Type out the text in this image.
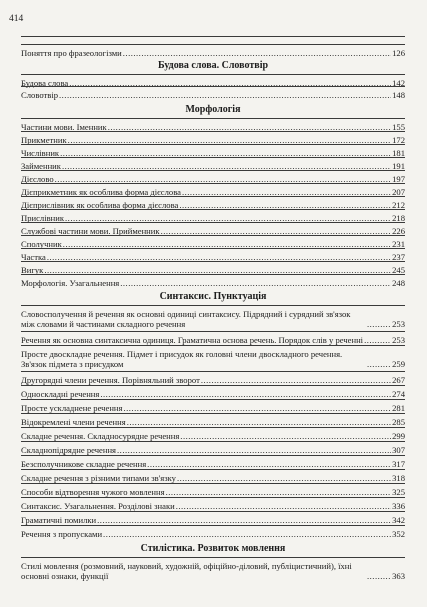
414
Поняття про фразеологізми .....	126
Будова слова. Словотвір
Будова слова .....	142
Словотвір .....	148
Морфологія
Частини мови. Іменник .....	155
Прикметник .....	172
Числівник .....	181
Займенник .....	191
Дієслово .....	197
Дієприкметник як особлива форма дієслова .....	207
Дієприслівник як особлива форма дієслова .....	212
Прислівник .....	218
Службові частини мови. Прийменник .....	226
Сполучник .....	231
Частка .....	237
Вигук .....	245
Морфологія. Узагальнення .....	248
Синтаксис. Пунктуація
Словосполучення й речення як основні одиниці синтаксису. Підрядний і сурядний зв'язок між словами й частинами складного речення .....	253
Речення як основна синтаксична одиниця. Граматична основа речень. Порядок слів у реченні .....	253
Просте двоскладне речення. Підмет і присудок як головні члени двоскладного речення. Зв'язок підмета з присудком .....	259
Другорядні члени речення. Порівняльний зворот .....	267
Односкладні речення .....	274
Просте ускладнене речення .....	281
Відокремлені члени речення .....	285
Складне речення. Складносурядне речення .....	299
Складнопідрядне речення .....	307
Безсполучникове складне речення .....	317
Складне речення з різними типами зв'язку .....	318
Способи відтворення чужого мовлення .....	325
Синтаксис. Узагальнення. Розділові знаки .....	336
Граматичні помилки .....	342
Речення з пропусками .....	352
Стилістика. Розвиток мовлення
Стилі мовлення (розмовний, науковий, художній, офіційно-діловий, публіцистичний), їхні основні ознаки, функції .....	363
